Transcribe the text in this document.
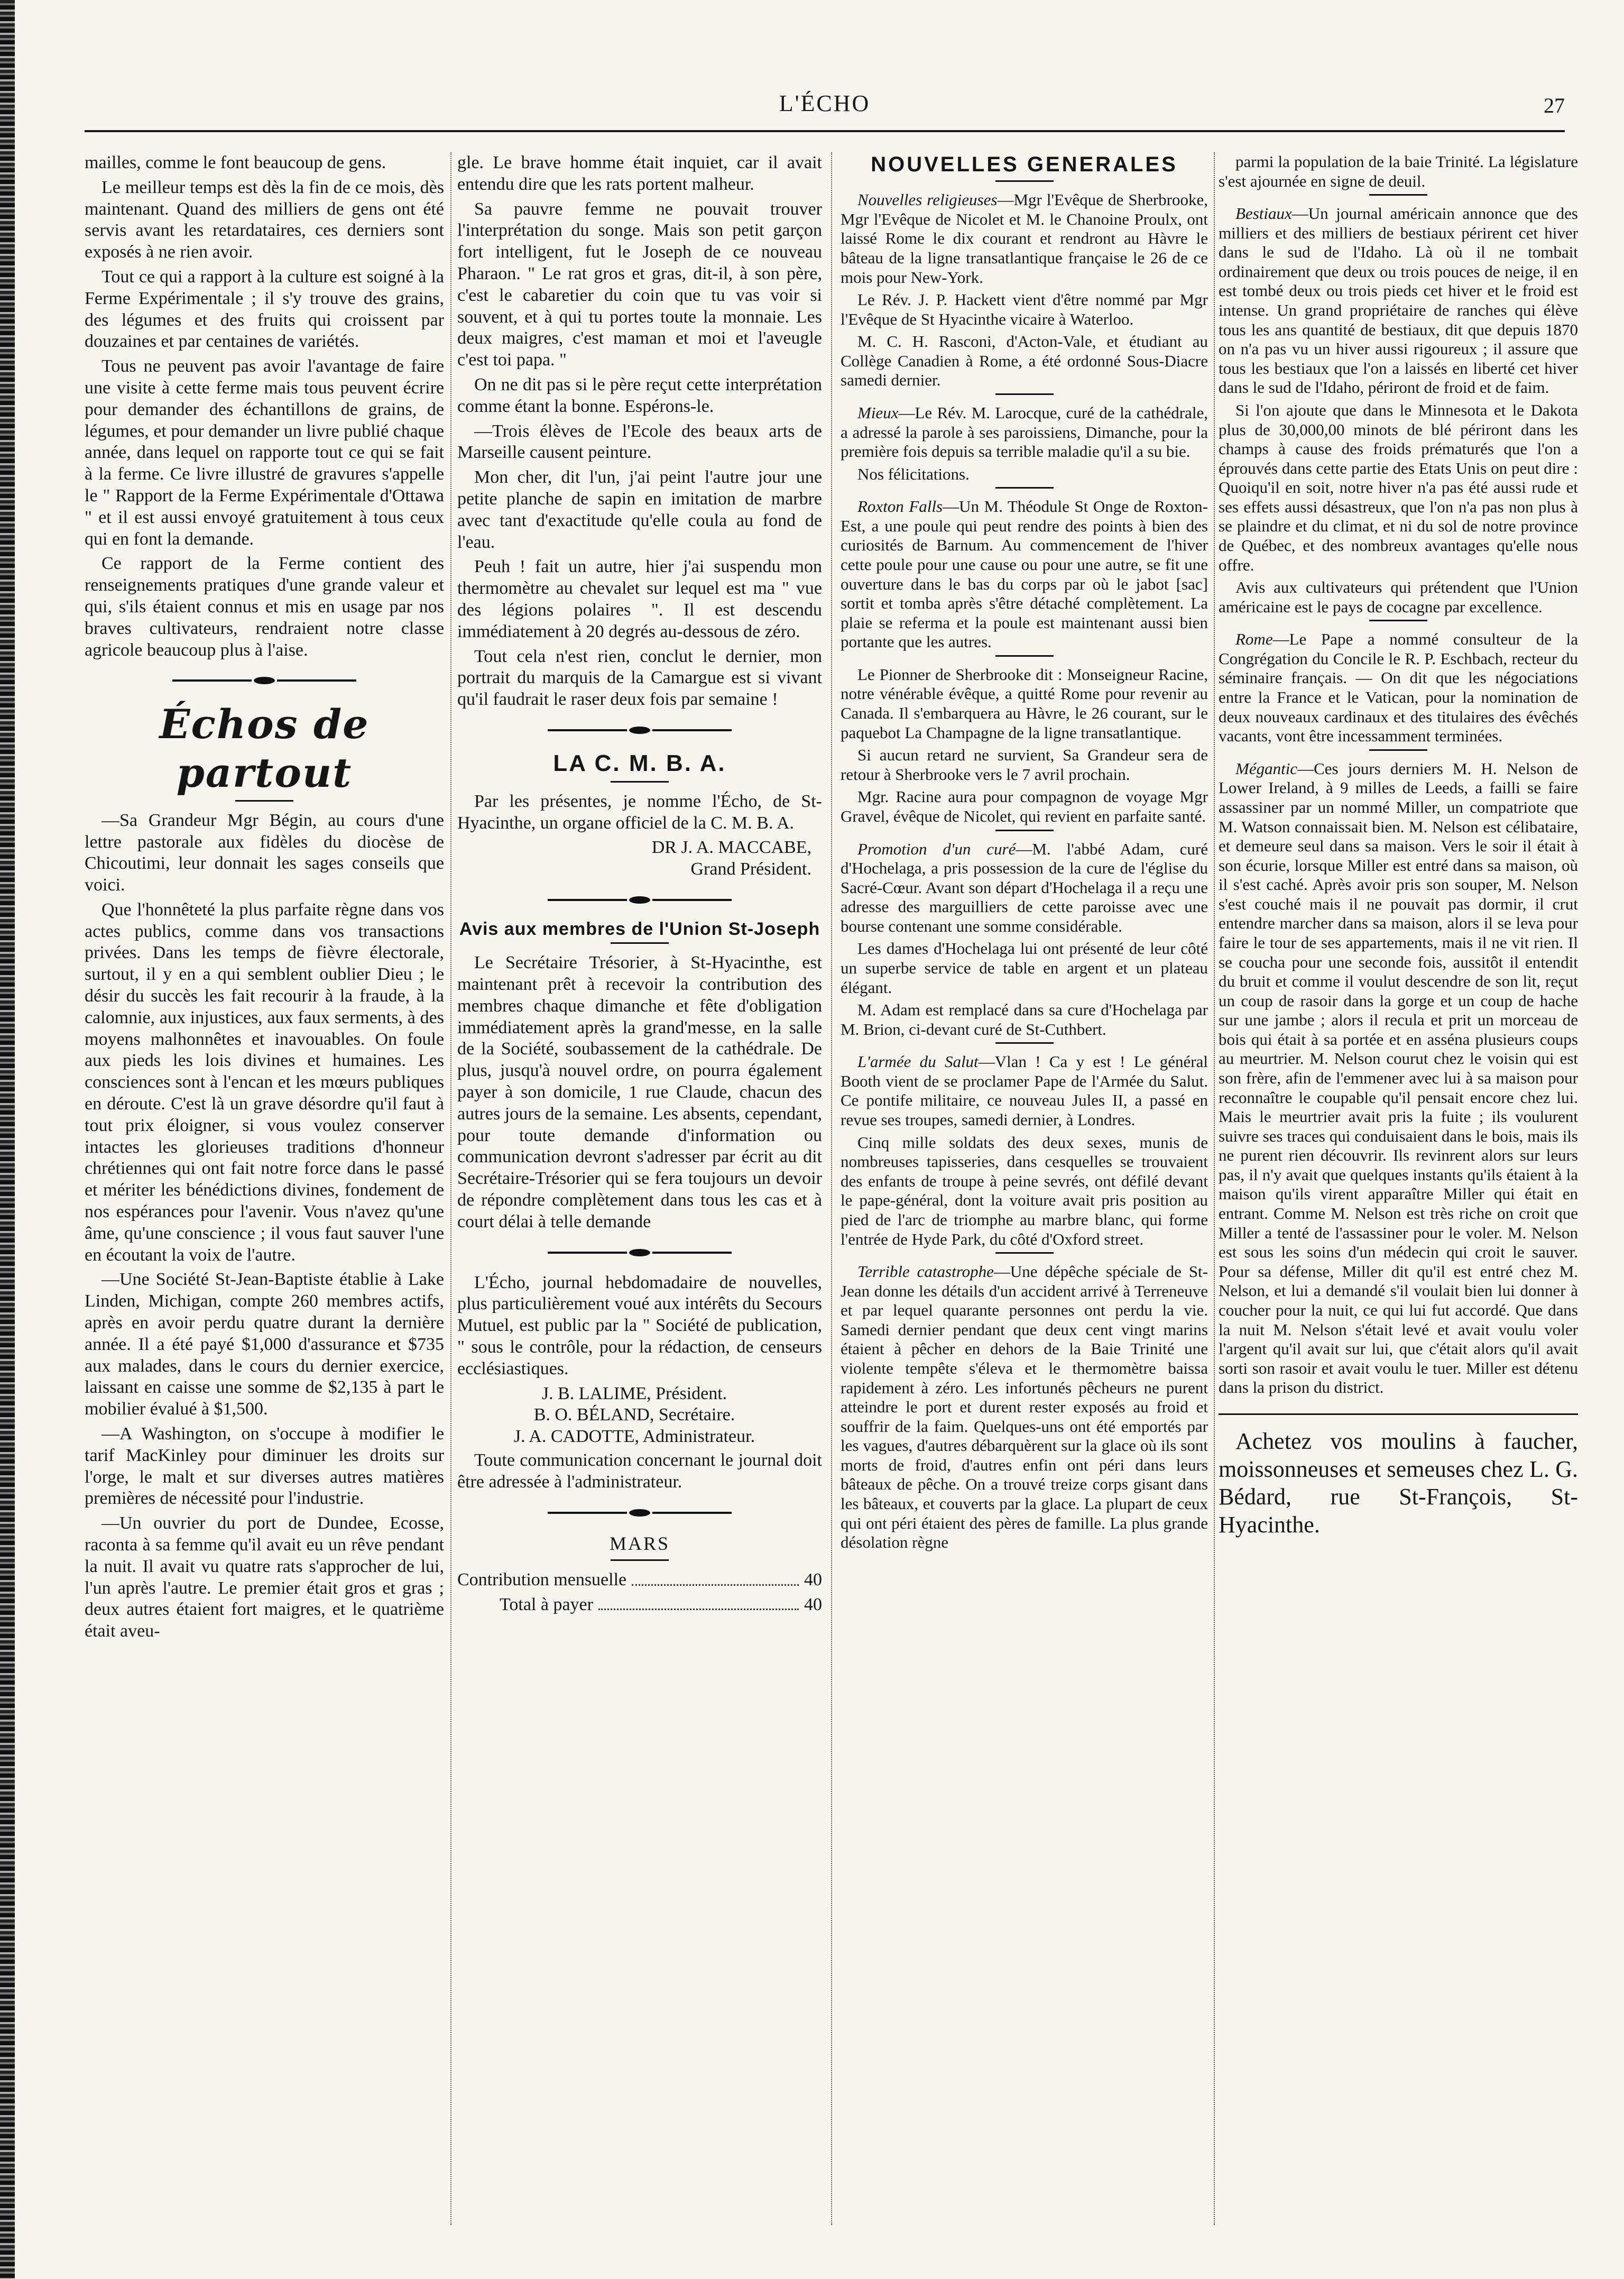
L'ÉCHO	27

mailles, comme le font beaucoup de gens.

Le meilleur temps est dès la fin de ce mois, dès maintenant. Quand des milliers de gens ont été servis avant les retardataires, ces derniers sont exposés à ne rien avoir.

Tout ce qui a rapport à la culture est soigné à la Ferme Expérimentale ; il s'y trouve des grains, des légumes et des fruits qui croissent par douzaines et par centaines de variétés.

Tous ne peuvent pas avoir l'avantage de faire une visite à cette ferme mais tous peuvent écrire pour demander des échantillons de grains, de légumes, et pour demander un livre publié chaque année, dans lequel on rapporte tout ce qui se fait à la ferme. Ce livre illustré de gravures s'appelle le " Rapport de la Ferme Expérimentale d'Ottawa " et il est aussi envoyé gratuitement à tous ceux qui en font la demande.

Ce rapport de la Ferme contient des renseignements pratiques d'une grande valeur et qui, s'ils étaient connus et mis en usage par nos braves cultivateurs, rendraient notre classe agricole beaucoup plus à l'aise.

Échos de partout

—Sa Grandeur Mgr Bégin, au cours d'une lettre pastorale aux fidèles du diocèse de Chicoutimi, leur donnait les sages conseils que voici.

Que l'honnêteté la plus parfaite règne dans vos actes publics, comme dans vos transactions privées. Dans les temps de fièvre électorale, surtout, il y en a qui semblent oublier Dieu ; le désir du succès les fait recourir à la fraude, à la calomnie, aux injustices, aux faux serments, à des moyens malhonnêtes et inavouables. On foule aux pieds les lois divines et humaines. Les consciences sont à l'encan et les mœurs publiques en déroute. C'est là un grave désordre qu'il faut à tout prix éloigner, si vous voulez conserver intactes les glorieuses traditions d'honneur chrétiennes qui ont fait notre force dans le passé et mériter les bénédictions divines, fondement de nos espérances pour l'avenir. Vous n'avez qu'une âme, qu'une conscience ; il vous faut sauver l'une en écoutant la voix de l'autre.

—Une Société St-Jean-Baptiste établie à Lake Linden, Michigan, compte 260 membres actifs, après en avoir perdu quatre durant la dernière année. Il a été payé $1,000 d'assurance et $735 aux malades, dans le cours du dernier exercice, laissant en caisse une somme de $2,135 à part le mobilier évalué à $1,500.

—A Washington, on s'occupe à modifier le tarif MacKinley pour diminuer les droits sur l'orge, le malt et sur diverses autres matières premières de nécessité pour l'industrie.

—Un ouvrier du port de Dundee, Ecosse, raconta à sa femme qu'il avait eu un rêve pendant la nuit. Il avait vu quatre rats s'approcher de lui, l'un après l'autre. Le premier était gros et gras ; deux autres étaient fort maigres, et le quatrième était aveu-

gle. Le brave homme était inquiet, car il avait entendu dire que les rats portent malheur.

Sa pauvre femme ne pouvait trouver l'interprétation du songe. Mais son petit garçon fort intelligent, fut le Joseph de ce nouveau Pharaon. " Le rat gros et gras, dit-il, à son père, c'est le cabaretier du coin que tu vas voir si souvent, et à qui tu portes toute la monnaie. Les deux maigres, c'est maman et moi et l'aveugle c'est toi papa. "

On ne dit pas si le père reçut cette interprétation comme étant la bonne. Espérons-le.

—Trois élèves de l'Ecole des beaux arts de Marseille causent peinture.

Mon cher, dit l'un, j'ai peint l'autre jour une petite planche de sapin en imitation de marbre avec tant d'exactitude qu'elle coula au fond de l'eau.

Peuh ! fait un autre, hier j'ai suspendu mon thermomètre au chevalet sur lequel est ma " vue des légions polaires ". Il est descendu immédiatement à 20 degrés au-dessous de zéro.

Tout cela n'est rien, conclut le dernier, mon portrait du marquis de la Camargue est si vivant qu'il faudrait le raser deux fois par semaine !

LA C. M. B. A.

Par les présentes, je nomme l'Écho, de St-Hyacinthe, un organe officiel de la C. M. B. A.

DR J. A. MACCABE,
Grand Président.
Avis aux membres de l'Union St-Joseph

Le Secrétaire Trésorier, à St-Hyacinthe, est maintenant prêt à recevoir la contribution des membres chaque dimanche et fête d'obligation immédiatement après la grand'messe, en la salle de la Société, soubassement de la cathédrale. De plus, jusqu'à nouvel ordre, on pourra également payer à son domicile, 1 rue Claude, chacun des autres jours de la semaine. Les absents, cependant, pour toute demande d'information ou communication devront s'adresser par écrit au dit Secrétaire-Trésorier qui se fera toujours un devoir de répondre complètement dans tous les cas et à court délai à telle demande

L'Écho, journal hebdomadaire de nouvelles, plus particulièrement voué aux intérêts du Secours Mutuel, est public par la " Société de publication, " sous le contrôle, pour la rédaction, de censeurs ecclésiastiques.

J. B. LALIME, Président.
B. O. BÉLAND, Secrétaire.
J. A. CADOTTE, Administrateur.

Toute communication concernant le journal doit être adressée à l'administrateur.

MARS
Contribution mensuelle	40
Total à payer	40
NOUVELLES GENERALES

Nouvelles religieuses—Mgr l'Evêque de Sherbrooke, Mgr l'Evêque de Nicolet et M. le Chanoine Proulx, ont laissé Rome le dix courant et rendront au Hàvre le bâteau de la ligne transatlantique française le 26 de ce mois pour New-York.

Le Rév. J. P. Hackett vient d'être nommé par Mgr l'Evêque de St Hyacinthe vicaire à Waterloo.

M. C. H. Rasconi, d'Acton-Vale, et étudiant au Collège Canadien à Rome, a été ordonné Sous-Diacre samedi dernier.

Mieux—Le Rév. M. Larocque, curé de la cathédrale, a adressé la parole à ses paroissiens, Dimanche, pour la première fois depuis sa terrible maladie qu'il a su bie.

Nos félicitations.

Roxton Falls—Un M. Théodule St Onge de Roxton-Est, a une poule qui peut rendre des points à bien des curiosités de Barnum. Au commencement de l'hiver cette poule pour une cause ou pour une autre, se fit une ouverture dans le bas du corps par où le jabot [sac] sortit et tomba après s'être détaché complètement. La plaie se referma et la poule est maintenant aussi bien portante que les autres.

Le Pionner de Sherbrooke dit : Monseigneur Racine, notre vénérable évêque, a quitté Rome pour revenir au Canada. Il s'embarquera au Hàvre, le 26 courant, sur le paquebot La Champagne de la ligne transatlantique.

Si aucun retard ne survient, Sa Grandeur sera de retour à Sherbrooke vers le 7 avril prochain.

Mgr. Racine aura pour compagnon de voyage Mgr Gravel, évêque de Nicolet, qui revient en parfaite santé.

Promotion d'un curé—M. l'abbé Adam, curé d'Hochelaga, a pris possession de la cure de l'église du Sacré-Cœur. Avant son départ d'Hochelaga il a reçu une adresse des marguilliers de cette paroisse avec une bourse contenant une somme considérable.

Les dames d'Hochelaga lui ont présenté de leur côté un superbe service de table en argent et un plateau élégant.

M. Adam est remplacé dans sa cure d'Hochelaga par M. Brion, ci-devant curé de St-Cuthbert.

L'armée du Salut—Vlan ! Ca y est ! Le général Booth vient de se proclamer Pape de l'Armée du Salut. Ce pontife militaire, ce nouveau Jules II, a passé en revue ses troupes, samedi dernier, à Londres.

Cinq mille soldats des deux sexes, munis de nombreuses tapisseries, dans cesquelles se trouvaient des enfants de troupe à peine sevrés, ont défilé devant le pape-général, dont la voiture avait pris position au pied de l'arc de triomphe au marbre blanc, qui forme l'entrée de Hyde Park, du côté d'Oxford street.

Terrible catastrophe—Une dépêche spéciale de St-Jean donne les détails d'un accident arrivé à Terreneuve et par lequel quarante personnes ont perdu la vie. Samedi dernier pendant que deux cent vingt marins étaient à pêcher en dehors de la Baie Trinité une violente tempête s'éleva et le thermomètre baissa rapidement à zéro. Les infortunés pêcheurs ne purent atteindre le port et durent rester exposés au froid et souffrir de la faim. Quelques-uns ont été emportés par les vagues, d'autres débarquèrent sur la glace où ils sont morts de froid, d'autres enfin ont péri dans leurs bâteaux de pêche. On a trouvé treize corps gisant dans les bâteaux, et couverts par la glace. La plupart de ceux qui ont péri étaient des pères de famille. La plus grande désolation règne

parmi la population de la baie Trinité. La législature s'est ajournée en signe de deuil.

Bestiaux—Un journal américain annonce que des milliers et des milliers de bestiaux périrent cet hiver dans le sud de l'Idaho. Là où il ne tombait ordinairement que deux ou trois pouces de neige, il en est tombé deux ou trois pieds cet hiver et le froid est intense. Un grand propriétaire de ranches qui élève tous les ans quantité de bestiaux, dit que depuis 1870 on n'a pas vu un hiver aussi rigoureux ; il assure que tous les bestiaux que l'on a laissés en liberté cet hiver dans le sud de l'Idaho, périront de froid et de faim.

Si l'on ajoute que dans le Minnesota et le Dakota plus de 30,000,00 minots de blé périront dans les champs à cause des froids prématurés que l'on a éprouvés dans cette partie des Etats Unis on peut dire : Quoiqu'il en soit, notre hiver n'a pas été aussi rude et ses effets aussi désastreux, que l'on n'a pas non plus à se plaindre et du climat, et ni du sol de notre province de Québec, et des nombreux avantages qu'elle nous offre.

Avis aux cultivateurs qui prétendent que l'Union américaine est le pays de cocagne par excellence.

Rome—Le Pape a nommé consulteur de la Congrégation du Concile le R. P. Eschbach, recteur du séminaire français. — On dit que les négociations entre la France et le Vatican, pour la nomination de deux nouveaux cardinaux et des titulaires des évêchés vacants, vont être incessamment terminées.

Mégantic—Ces jours derniers M. H. Nelson de Lower Ireland, à 9 milles de Leeds, a failli se faire assassiner par un nommé Miller, un compatriote que M. Watson connaissait bien. M. Nelson est célibataire, et demeure seul dans sa maison. Vers le soir il était à son écurie, lorsque Miller est entré dans sa maison, où il s'est caché. Après avoir pris son souper, M. Nelson s'est couché mais il ne pouvait pas dormir, il crut entendre marcher dans sa maison, alors il se leva pour faire le tour de ses appartements, mais il ne vit rien. Il se coucha pour une seconde fois, aussitôt il entendit du bruit et comme il voulut descendre de son lit, reçut un coup de rasoir dans la gorge et un coup de hache sur une jambe ; alors il recula et prit un morceau de bois qui était à sa portée et en asséna plusieurs coups au meurtrier. M. Nelson courut chez le voisin qui est son frère, afin de l'emmener avec lui à sa maison pour reconnaître le coupable qu'il pensait encore chez lui. Mais le meurtrier avait pris la fuite ; ils voulurent suivre ses traces qui conduisaient dans le bois, mais ils ne purent rien découvrir. Ils revinrent alors sur leurs pas, il n'y avait que quelques instants qu'ils étaient à la maison qu'ils virent apparaître Miller qui était en entrant. Comme M. Nelson est très riche on croit que Miller a tenté de l'assassiner pour le voler. M. Nelson est sous les soins d'un médecin qui croit le sauver. Pour sa défense, Miller dit qu'il est entré chez M. Nelson, et lui a demandé s'il voulait bien lui donner à coucher pour la nuit, ce qui lui fut accordé. Que dans la nuit M. Nelson s'était levé et avait voulu voler l'argent qu'il avait sur lui, que c'était alors qu'il avait sorti son rasoir et avait voulu le tuer. Miller est détenu dans la prison du district.

Achetez vos moulins à faucher, moissonneuses et semeuses chez L. G. Bédard, rue St-François, St-Hyacinthe.
